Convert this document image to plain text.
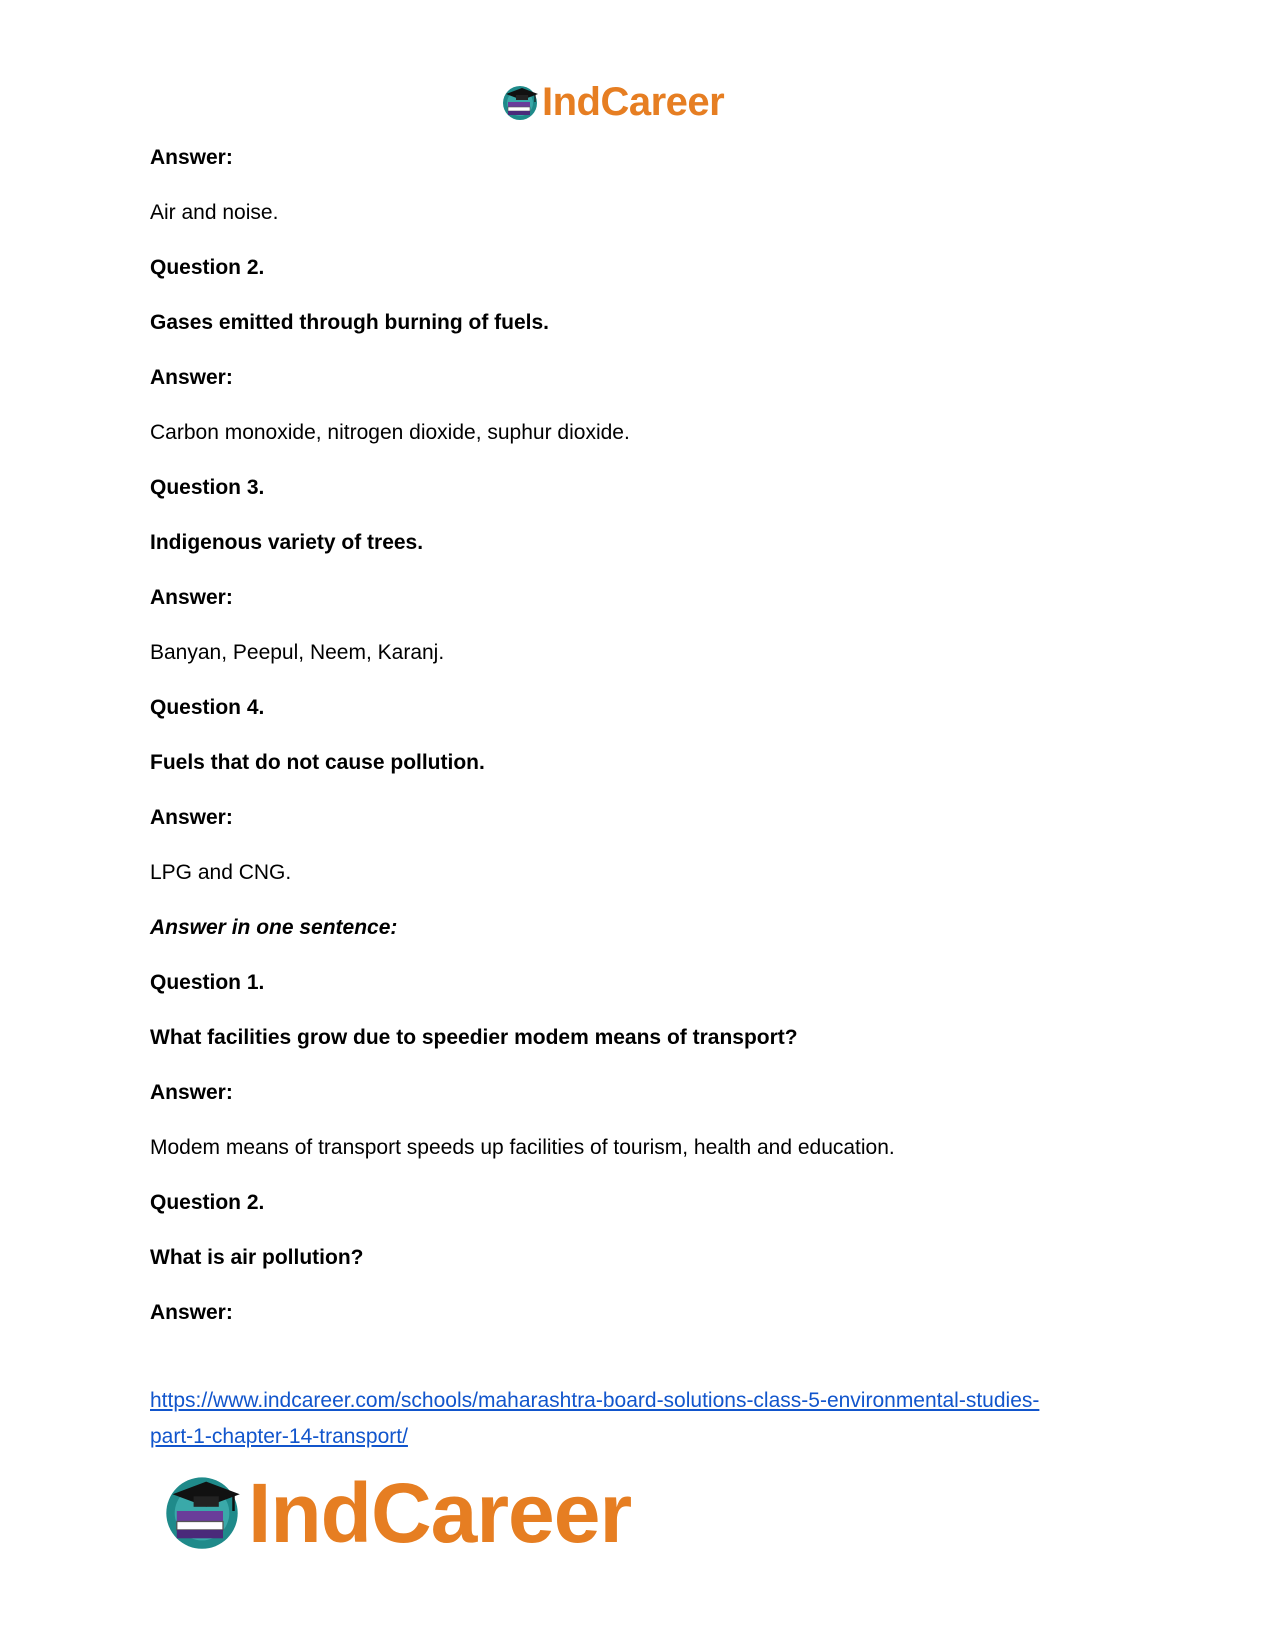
IndCareer
Answer:
Air and noise.
Question 2.
Gases emitted through burning of fuels.
Answer:
Carbon monoxide, nitrogen dioxide, suphur dioxide.
Question 3.
Indigenous variety of trees.
Answer:
Banyan, Peepul, Neem, Karanj.
Question 4.
Fuels that do not cause pollution.
Answer:
LPG and CNG.
Answer in one sentence:
Question 1.
What facilities grow due to speedier modem means of transport?
Answer:
Modem means of transport speeds up facilities of tourism, health and education.
Question 2.
What is air pollution?
Answer:
https://www.indcareer.com/schools/maharashtra-board-solutions-class-5-environmental-studies-
part-1-chapter-14-transport/
IndCareer
